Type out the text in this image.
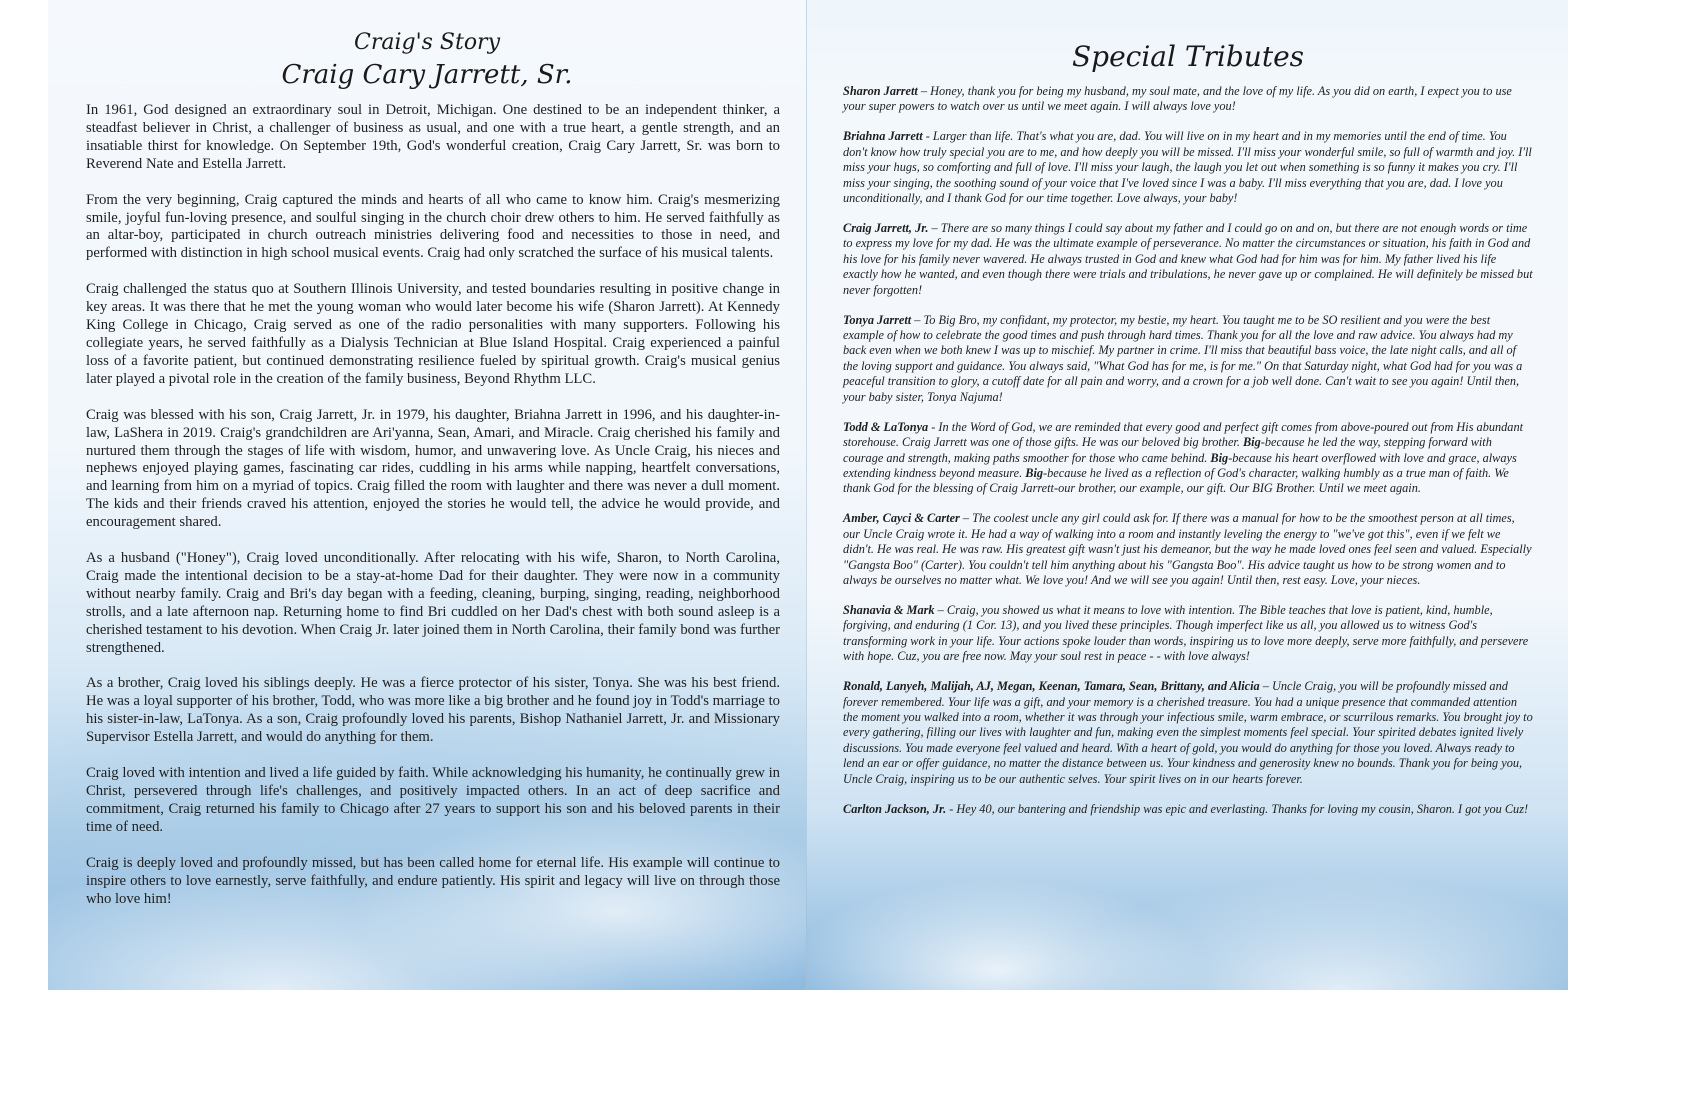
Craig's Story
Craig Cary Jarrett, Sr.

In 1961, God designed an extraordinary soul in Detroit, Michigan. One destined to be an independent thinker, a steadfast believer in Christ, a challenger of business as usual, and one with a true heart, a gentle strength, and an insatiable thirst for knowledge. On September 19th, God's wonderful creation, Craig Cary Jarrett, Sr. was born to Reverend Nate and Estella Jarrett.

From the very beginning, Craig captured the minds and hearts of all who came to know him. Craig's mesmerizing smile, joyful fun-loving presence, and soulful singing in the church choir drew others to him. He served faithfully as an altar-boy, participated in church outreach ministries delivering food and necessities to those in need, and performed with distinction in high school musical events. Craig had only scratched the surface of his musical talents.

Craig challenged the status quo at Southern Illinois University, and tested boundaries resulting in positive change in key areas. It was there that he met the young woman who would later become his wife (Sharon Jarrett). At Kennedy King College in Chicago, Craig served as one of the radio personalities with many supporters. Following his collegiate years, he served faithfully as a Dialysis Technician at Blue Island Hospital. Craig experienced a painful loss of a favorite patient, but continued demonstrating resilience fueled by spiritual growth. Craig's musical genius later played a pivotal role in the creation of the family business, Beyond Rhythm LLC.

Craig was blessed with his son, Craig Jarrett, Jr. in 1979, his daughter, Briahna Jarrett in 1996, and his daughter-in-law, LaShera in 2019. Craig's grandchildren are Ari'yanna, Sean, Amari, and Miracle. Craig cherished his family and nurtured them through the stages of life with wisdom, humor, and unwavering love. As Uncle Craig, his nieces and nephews enjoyed playing games, fascinating car rides, cuddling in his arms while napping, heartfelt conversations, and learning from him on a myriad of topics. Craig filled the room with laughter and there was never a dull moment. The kids and their friends craved his attention, enjoyed the stories he would tell, the advice he would provide, and encouragement shared.

As a husband ("Honey"), Craig loved unconditionally. After relocating with his wife, Sharon, to North Carolina, Craig made the intentional decision to be a stay-at-home Dad for their daughter. They were now in a community without nearby family. Craig and Bri's day began with a feeding, cleaning, burping, singing, reading, neighborhood strolls, and a late afternoon nap. Returning home to find Bri cuddled on her Dad's chest with both sound asleep is a cherished testament to his devotion. When Craig Jr. later joined them in North Carolina, their family bond was further strengthened.

As a brother, Craig loved his siblings deeply. He was a fierce protector of his sister, Tonya. She was his best friend. He was a loyal supporter of his brother, Todd, who was more like a big brother and he found joy in Todd's marriage to his sister-in-law, LaTonya. As a son, Craig profoundly loved his parents, Bishop Nathaniel Jarrett, Jr. and Missionary Supervisor Estella Jarrett, and would do anything for them.

Craig loved with intention and lived a life guided by faith. While acknowledging his humanity, he continually grew in Christ, persevered through life's challenges, and positively impacted others. In an act of deep sacrifice and commitment, Craig returned his family to Chicago after 27 years to support his son and his beloved parents in their time of need.

Craig is deeply loved and profoundly missed, but has been called home for eternal life. His example will continue to inspire others to love earnestly, serve faithfully, and endure patiently. His spirit and legacy will live on through those who love him!

Special Tributes
Sharon Jarrett – Honey, thank you for being my husband, my soul mate, and the love of my life. As you did on earth, I expect you to use your super powers to watch over us until we meet again. I will always love you!
Briahna Jarrett - Larger than life. That's what you are, dad. You will live on in my heart and in my memories until the end of time. You don't know how truly special you are to me, and how deeply you will be missed. I'll miss your wonderful smile, so full of warmth and joy. I'll miss your hugs, so comforting and full of love. I'll miss your laugh, the laugh you let out when something is so funny it makes you cry. I'll miss your singing, the soothing sound of your voice that I've loved since I was a baby. I'll miss everything that you are, dad. I love you unconditionally, and I thank God for our time together. Love always, your baby!
Craig Jarrett, Jr. – There are so many things I could say about my father and I could go on and on, but there are not enough words or time to express my love for my dad. He was the ultimate example of perseverance. No matter the circumstances or situation, his faith in God and his love for his family never wavered. He always trusted in God and knew what God had for him was for him. My father lived his life exactly how he wanted, and even though there were trials and tribulations, he never gave up or complained. He will definitely be missed but never forgotten!
Tonya Jarrett – To Big Bro, my confidant, my protector, my bestie, my heart. You taught me to be SO resilient and you were the best example of how to celebrate the good times and push through hard times. Thank you for all the love and raw advice. You always had my back even when we both knew I was up to mischief. My partner in crime. I'll miss that beautiful bass voice, the late night calls, and all of the loving support and guidance. You always said, "What God has for me, is for me." On that Saturday night, what God had for you was a peaceful transition to glory, a cutoff date for all pain and worry, and a crown for a job well done. Can't wait to see you again! Until then, your baby sister, Tonya Najuma!
Todd & LaTonya - In the Word of God, we are reminded that every good and perfect gift comes from above-poured out from His abundant storehouse. Craig Jarrett was one of those gifts. He was our beloved big brother. Big-because he led the way, stepping forward with courage and strength, making paths smoother for those who came behind. Big-because his heart overflowed with love and grace, always extending kindness beyond measure. Big-because he lived as a reflection of God's character, walking humbly as a true man of faith. We thank God for the blessing of Craig Jarrett-our brother, our example, our gift. Our BIG Brother. Until we meet again.
Amber, Cayci & Carter – The coolest uncle any girl could ask for. If there was a manual for how to be the smoothest person at all times, our Uncle Craig wrote it. He had a way of walking into a room and instantly leveling the energy to "we've got this", even if we felt we didn't. He was real. He was raw. His greatest gift wasn't just his demeanor, but the way he made loved ones feel seen and valued. Especially "Gangsta Boo" (Carter). You couldn't tell him anything about his "Gangsta Boo". His advice taught us how to be strong women and to always be ourselves no matter what. We love you! And we will see you again! Until then, rest easy. Love, your nieces.
Shanavia & Mark – Craig, you showed us what it means to love with intention. The Bible teaches that love is patient, kind, humble, forgiving, and enduring (1 Cor. 13), and you lived these principles. Though imperfect like us all, you allowed us to witness God's transforming work in your life. Your actions spoke louder than words, inspiring us to love more deeply, serve more faithfully, and persevere with hope. Cuz, you are free now. May your soul rest in peace - - with love always!
Ronald, Lanyeh, Malijah, AJ, Megan, Keenan, Tamara, Sean, Brittany, and Alicia – Uncle Craig, you will be profoundly missed and forever remembered. Your life was a gift, and your memory is a cherished treasure. You had a unique presence that commanded attention the moment you walked into a room, whether it was through your infectious smile, warm embrace, or scurrilous remarks. You brought joy to every gathering, filling our lives with laughter and fun, making even the simplest moments feel special. Your spirited debates ignited lively discussions. You made everyone feel valued and heard. With a heart of gold, you would do anything for those you loved. Always ready to lend an ear or offer guidance, no matter the distance between us. Your kindness and generosity knew no bounds. Thank you for being you, Uncle Craig, inspiring us to be our authentic selves. Your spirit lives on in our hearts forever.
Carlton Jackson, Jr. - Hey 40, our bantering and friendship was epic and everlasting. Thanks for loving my cousin, Sharon. I got you Cuz!
